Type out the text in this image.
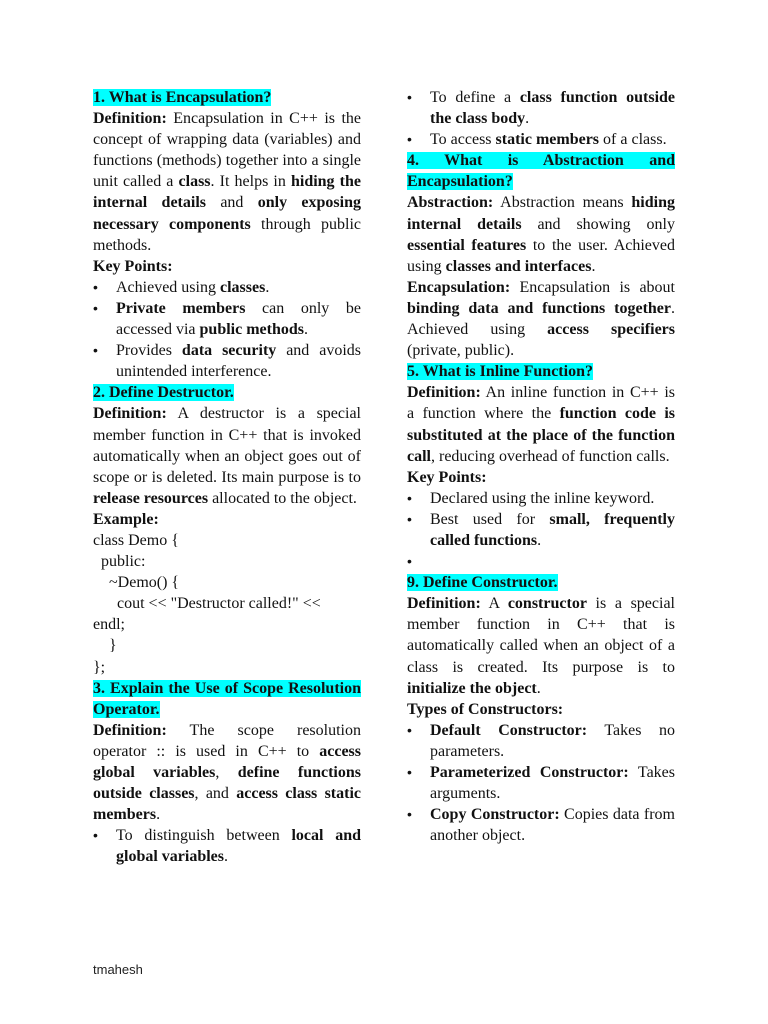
1. What is Encapsulation?

Definition: Encapsulation in C++ is the concept of wrapping data (variables) and functions (methods) together into a single unit called a class. It helps in hiding the internal details and only exposing necessary components through public methods.

Key Points:

• Achieved using classes.
• Private members can only be accessed via public methods.
• Provides data security and avoids unintended interference.

2. Define Destructor.

Definition: A destructor is a special member function in C++ that is invoked automatically when an object goes out of scope or is deleted. Its main purpose is to release resources allocated to the object.

Example:

class Demo {

public:

~Demo() {

cout << "Destructor called!" <<

endl;

}

};

3. Explain the Use of Scope Resolution Operator.

Definition: The scope resolution operator :: is used in C++ to access global variables, define functions outside classes, and access class static members.

• To distinguish between local and global variables.
• To define a class function outside the class body.
• To access static members of a class.

4. What is Abstraction and Encapsulation?

Abstraction: Abstraction means hiding internal details and showing only essential features to the user. Achieved using classes and interfaces.

Encapsulation: Encapsulation is about binding data and functions together. Achieved using access specifiers (private, public).

5. What is Inline Function?

Definition: An inline function in C++ is a function where the function code is substituted at the place of the function call, reducing overhead of function calls.

Key Points:

• Declared using the inline keyword.
• Best used for small, frequently called functions.
•

9. Define Constructor.

Definition: A constructor is a special member function in C++ that is automatically called when an object of a class is created. Its purpose is to initialize the object.

Types of Constructors:

• Default Constructor: Takes no parameters.
• Parameterized Constructor: Takes arguments.
• Copy Constructor: Copies data from another object.
tmahesh
